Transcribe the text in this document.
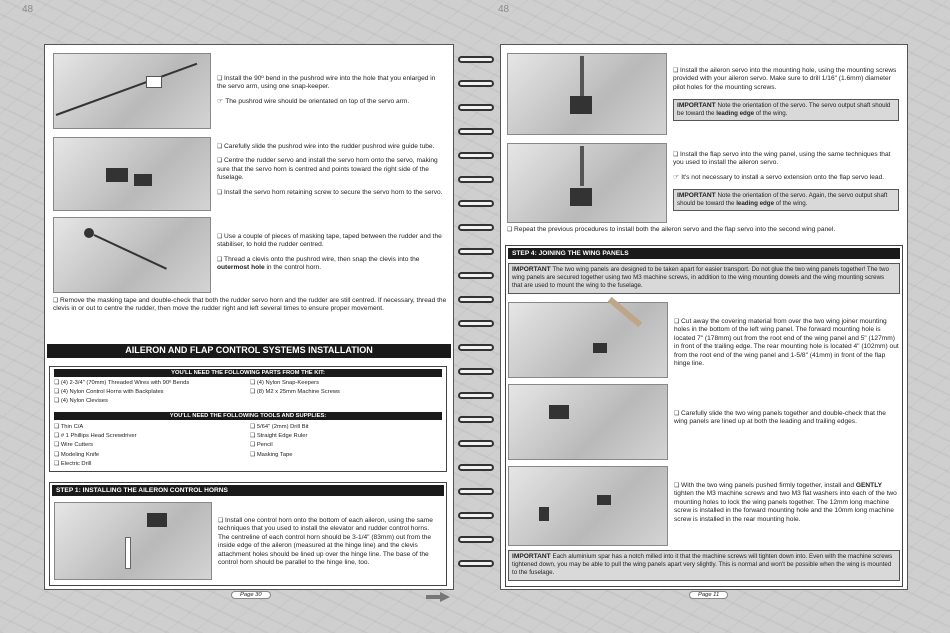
48	48

❑ Install the 90º bend in the pushrod wire into the hole that you enlarged in the servo arm, using one snap-keeper.

☞ The pushrod wire should be orientated on top of the servo arm.

❑ Carefully slide the pushrod wire into the rudder pushrod wire guide tube.

❑ Centre the rudder servo and install the servo horn onto the servo, making sure that the servo horn is centred and points toward the right side of the fuselage.

❑ Install the servo horn retaining screw to secure the servo horn to the servo.

❑ Use a couple of pieces of masking tape, taped between the rudder and the stabiliser, to hold the rudder centred.

❑ Thread a clevis onto the pushrod wire, then snap the clevis into the outermost hole in the control horn.

❑ Remove the masking tape and double-check that both the rudder servo horn and the rudder are still centred. If necessary, thread the clevis in or out to centre the rudder, then move the rudder right and left several times to ensure proper movement.
AILERON AND FLAP CONTROL SYSTEMS INSTALLATION
YOU'LL NEED THE FOLLOWING PARTS FROM THE KIT:
❑ (4) 2-3/4" (70mm) Threaded Wires with 90º Bends
❑ (4) Nylon Control Horns with Backplates
❑ (4) Nylon Clevises
❑ (4) Nylon Snap-Keepers
❑ (8) M2 x 25mm Machine Screws
YOU'LL NEED THE FOLLOWING TOOLS AND SUPPLIES:
❑ Thin C/A
❑ # 1 Phillips Head Screwdriver
❑ Wire Cutters
❑ Modeling Knife
❑ Electric Drill
❑ 5/64" (2mm) Drill Bit
❑ Straight Edge Ruler
❑ Pencil
❑ Masking Tape
STEP 1: INSTALLING THE AILERON CONTROL HORNS
❑ Install one control horn onto the bottom of each aileron, using the same techniques that you used to install the elevator and rudder control horns. The centreline of each control horn should be 3-1/4" (83mm) out from the inside edge of the aileron (measured at the hinge line) and the clevis attachment holes should be lined up over the hinge line. The base of the control horn should be parallel to the hinge line, too.
Page 30
❑ Install the aileron servo into the mounting hole, using the mounting screws provided with your aileron servo. Make sure to drill 1/16" (1.6mm) diameter pilot holes for the mounting screws.
IMPORTANT Note the orientation of the servo. The servo output shaft should be toward the leading edge of the wing.

❑ Install the flap servo into the wing panel, using the same techniques that you used to install the aileron servo.

☞ It's not necessary to install a servo extension onto the flap servo lead.

IMPORTANT Note the orientation of the servo. Again, the servo output shaft should be toward the leading edge of the wing.
❑ Repeat the previous procedures to install both the aileron servo and the flap servo into the second wing panel.
STEP 4: JOINING THE WING PANELS
IMPORTANT The two wing panels are designed to be taken apart for easier transport. Do not glue the two wing panels together! The two wing panels are secured together using two M3 machine screws, in addition to the wing mounting dowels and the wing mounting screws that are used to mount the wing to the fuselage.
❑ Cut away the covering material from over the two wing joiner mounting holes in the bottom of the left wing panel. The forward mounting hole is located 7" (178mm) out from the root end of the wing panel and 5" (127mm) in front of the trailing edge. The rear mounting hole is located 4" (102mm) out from the root end of the wing panel and 1-5/8" (41mm) in front of the flap hinge line.
❑ Carefully slide the two wing panels together and double-check that the wing panels are lined up at both the leading and trailing edges.
❑ With the two wing panels pushed firmly together, install and GENTLY tighten the M3 machine screws and two M3 flat washers into each of the two mounting holes to lock the wing panels together. The 12mm long machine screw is installed in the forward mounting hole and the 10mm long machine screw is installed in the rear mounting hole.
IMPORTANT Each aluminium spar has a notch milled into it that the machine screws will tighten down into. Even with the machine screws tightened down, you may be able to pull the wing panels apart very slightly. This is normal and won't be possible when the wing is mounted to the fuselage.
Page 11
